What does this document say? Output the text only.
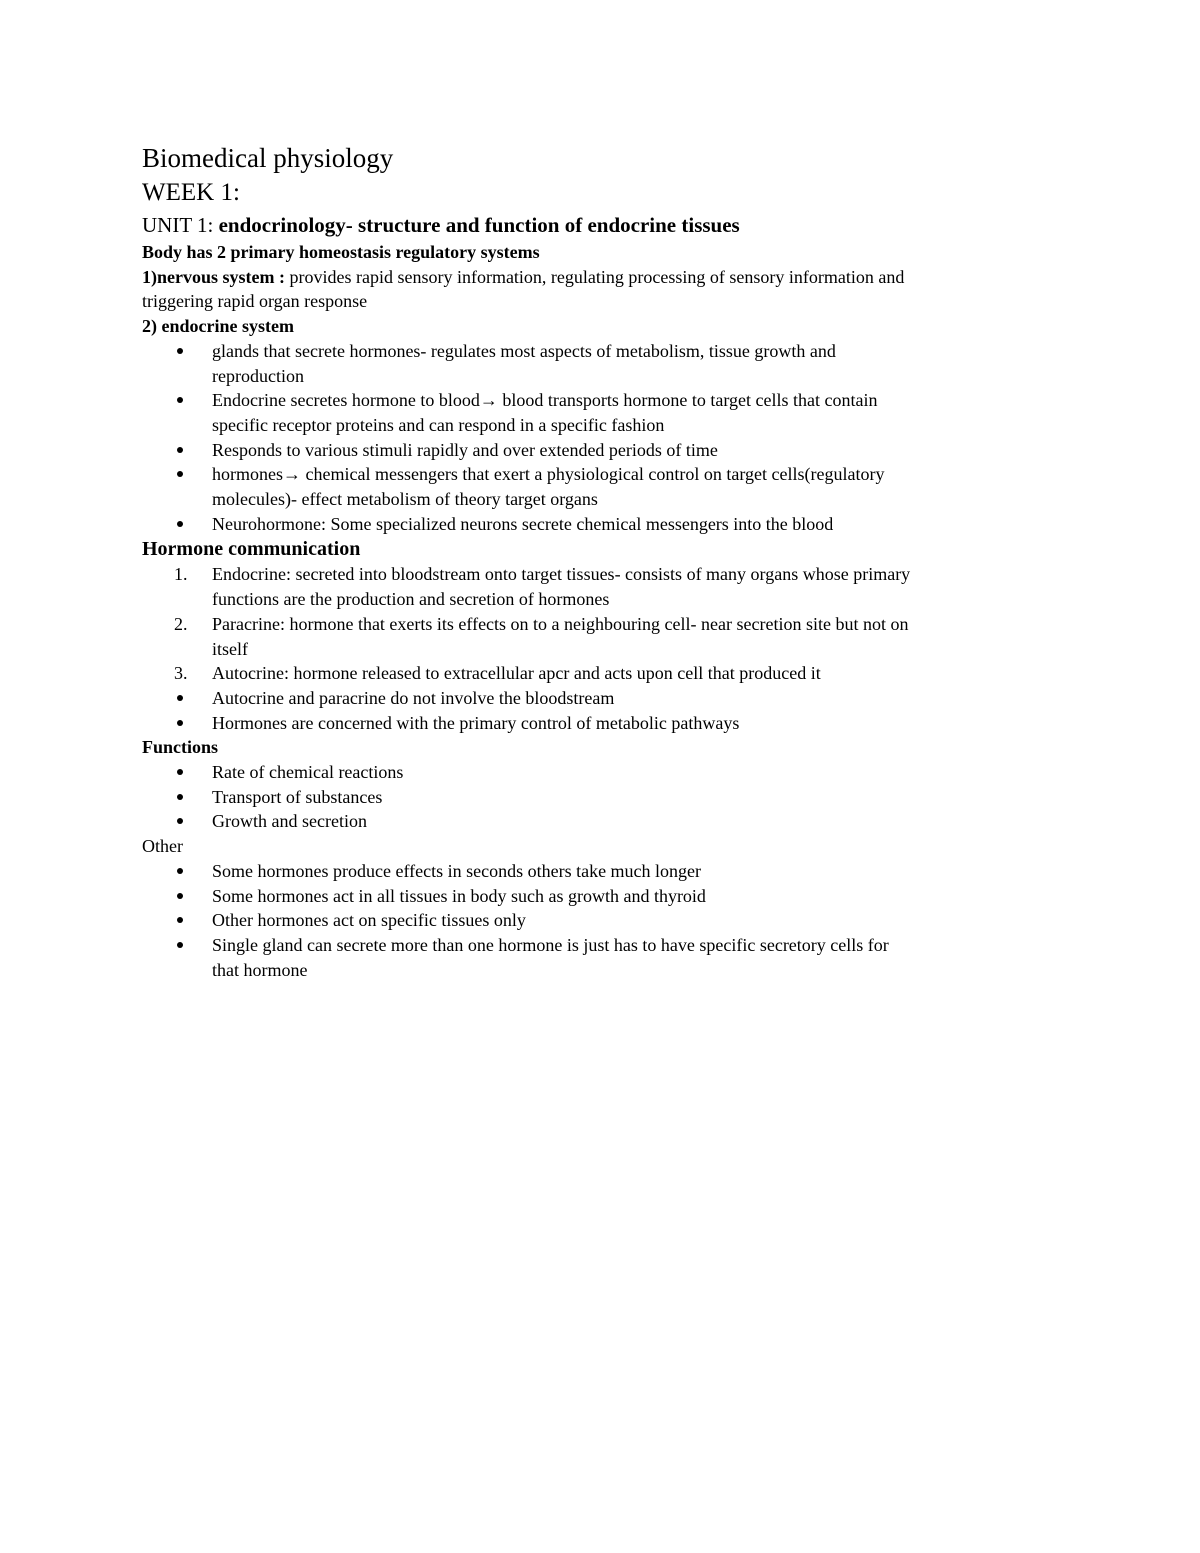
Biomedical physiology

WEEK 1:

UNIT 1: endocrinology- structure and function of endocrine tissues

Body has 2 primary homeostasis regulatory systems

1)nervous system : provides rapid sensory information, regulating processing of sensory information and

triggering rapid organ response

2) endocrine system

glands that secrete hormones- regulates most aspects of metabolism, tissue growth and
reproduction
Endocrine secretes hormone to blood→ blood transports hormone to target cells that contain
specific receptor proteins and can respond in a specific fashion
Responds to various stimuli rapidly and over extended periods of time
hormones→ chemical messengers that exert a physiological control on target cells(regulatory
molecules)- effect metabolism of theory target organs
Neurohormone: Some specialized neurons secrete chemical messengers into the blood

Hormone communication

1.	Endocrine: secreted into bloodstream onto target tissues- consists of many organs whose primary
functions are the production and secretion of hormones
2.	Paracrine: hormone that exerts its effects on to a neighbouring cell- near secretion site but not on
itself
3.	Autocrine: hormone released to extracellular apcr and acts upon cell that produced it
Autocrine and paracrine do not involve the bloodstream
Hormones are concerned with the primary control of metabolic pathways

Functions

Rate of chemical reactions
Transport of substances
Growth and secretion

Other

Some hormones produce effects in seconds others take much longer
Some hormones act in all tissues in body such as growth and thyroid
Other hormones act on specific tissues only
Single gland can secrete more than one hormone is just has to have specific secretory cells for
that hormone
